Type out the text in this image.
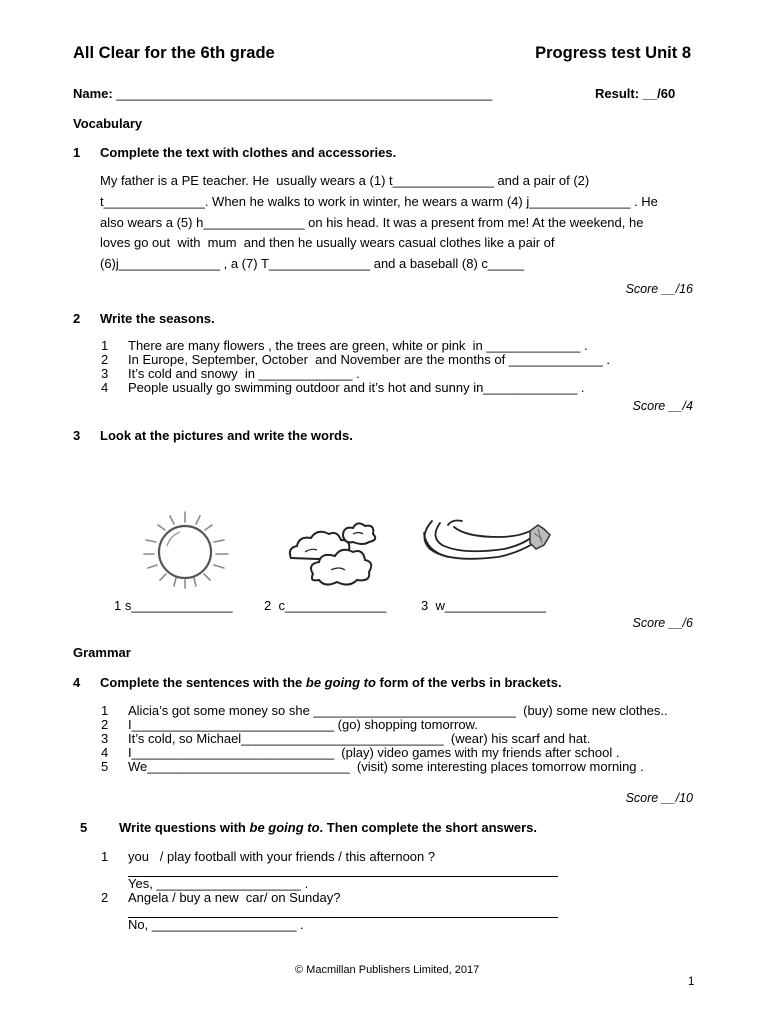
All Clear for the 6th grade	Progress test Unit 8
Name: ____________________________________________________	Result: __/60
Vocabulary
1 Complete the text with clothes and accessories.
My father is a PE teacher. He  usually wears a (1) t______________ and a pair of (2)
t______________. When he walks to work in winter, he wears a warm (4) j______________ . He
also wears a (5) h______________ on his head. It was a present from me! At the weekend, he
loves go out  with  mum  and then he usually wears casual clothes like a pair of
(6)j______________ , a (7) T______________ and a baseball (8) c_____
Score __/16
2 Write the seasons.
1 There are many flowers , the trees are green, white or pink  in _____________ .
2 In Europe, September, October  and November are the months of _____________ .
3 It’s cold and snowy  in _____________ .
4 People usually go swimming outdoor and it’s hot and sunny in_____________ .
Score __/4
3 Look at the pictures and write the words.
1 s______________ 2  c______________	3  w______________
Score __/6
Grammar
4 Complete the sentences with the be going to form of the verbs in brackets.
1 Alicia’s got some money so she ____________________________  (buy) some new clothes..
2 I____________________________ (go) shopping tomorrow.
3 It’s cold, so Michael____________________________  (wear) his scarf and hat.
4 I____________________________  (play) video games with my friends after school .
5 We____________________________  (visit) some interesting places tomorrow morning .
Score __/10
5 Write questions with be going to. Then complete the short answers.
1 you   / play football with your friends / this afternoon ?
Yes, ____________________ .
2 Angela / buy a new  car/ on Sunday?
No, ____________________ .
© Macmillan Publishers Limited, 2017
1
